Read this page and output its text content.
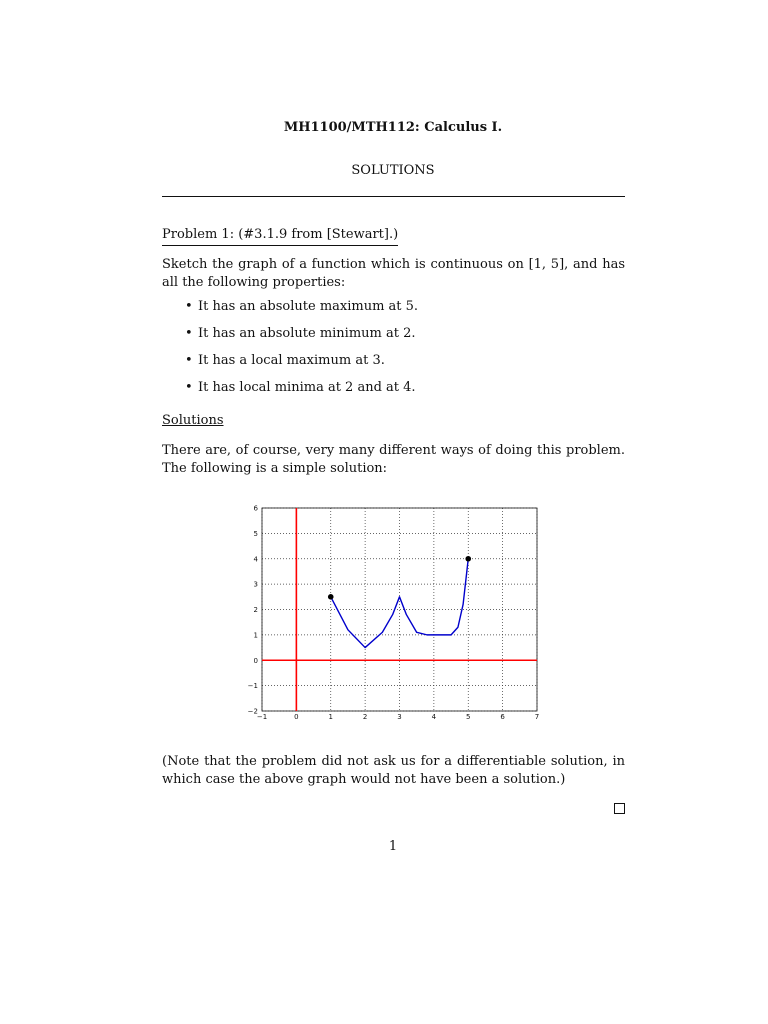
MH1100/MTH112: Calculus I.
SOLUTIONS
Problem 1: (#3.1.9 from [Stewart].)
Sketch the graph of a function which is continuous on [1, 5], and has all the following properties:
• It has an absolute maximum at 5.
• It has an absolute minimum at 2.
• It has a local maximum at 3.
• It has local minima at 2 and at 4.
Solutions
There are, of course, very many different ways of doing this problem. The following is a simple solution:
−1	0	1	2	3	4	5	6	7
−2
−1
0
1
2
3
4
5
6
(Note that the problem did not ask us for a differentiable solution, in which case the above graph would not have been a solution.)
1
